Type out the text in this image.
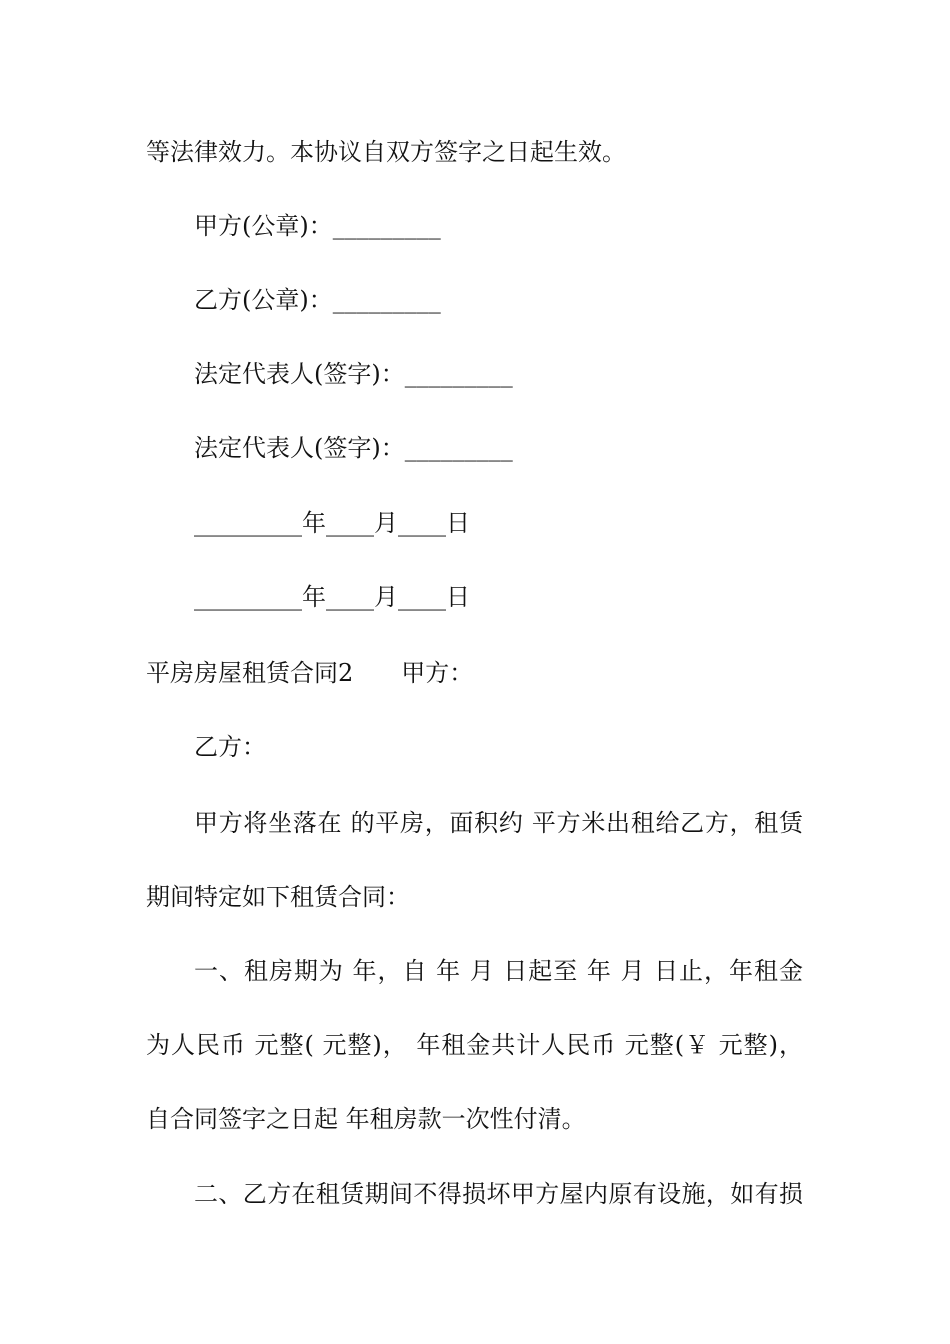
等法律效力。本协议自双方签字之日起生效。
甲方(公章)：_________
乙方(公章)：_________
法定代表人(签字)：_________
法定代表人(签字)：_________
_________年____月____日
_________年____月____日
平房房屋租赁合同2　　甲方：
乙方：
甲方将坐落在 的平房，面积约 平方米出租给乙方，租赁
期间特定如下租赁合同：
一、租房期为 年，自 年 月 日起至 年 月 日止，年租金
为人民币 元整( 元整)， 年租金共计人民币 元整(￥ 元整)，
自合同签字之日起 年租房款一次性付清。
二、乙方在租赁期间不得损坏甲方屋内原有设施，如有损
